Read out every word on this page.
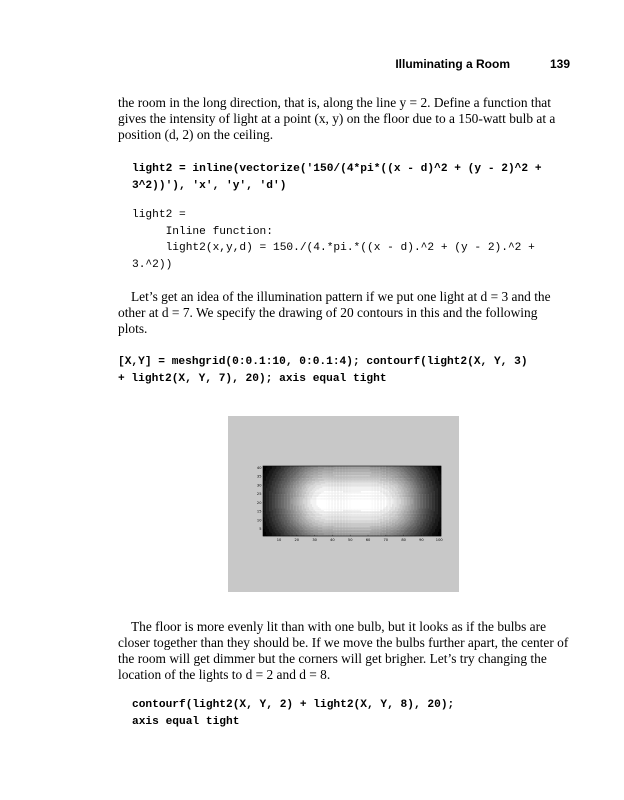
Illuminating a Room	139

the room in the long direction, that is, along the line y = 2. Define a function that gives the intensity of light at a point (x, y) on the floor due to a 150-watt bulb at a position (d, 2) on the ceiling.

light2 = inline(vectorize('150/(4*pi*((x - d)^2 + (y - 2)^2 +
3^2))'), 'x', 'y', 'd')
light2 =
Inline function:
light2(x,y,d) = 150./(4.*pi.*((x - d).^2 + (y - 2).^2 +
3.^2))

Let’s get an idea of the illumination pattern if we put one light at d = 3 and the other at d = 7. We specify the drawing of 20 contours in this and the following plots.

[X,Y] = meshgrid(0:0.1:10, 0:0.1:4); contourf(light2(X, Y, 3)
+ light2(X, Y, 7), 20); axis equal tight
10	20	30	40	50	60	70	80	90	100
5
10
15
20
25
30
35
40

The floor is more evenly lit than with one bulb, but it looks as if the bulbs are closer together than they should be. If we move the bulbs further apart, the center of the room will get dimmer but the corners will get brigher. Let’s try changing the location of the lights to d = 2 and d = 8.

contourf(light2(X, Y, 2) + light2(X, Y, 8), 20);
axis equal tight
